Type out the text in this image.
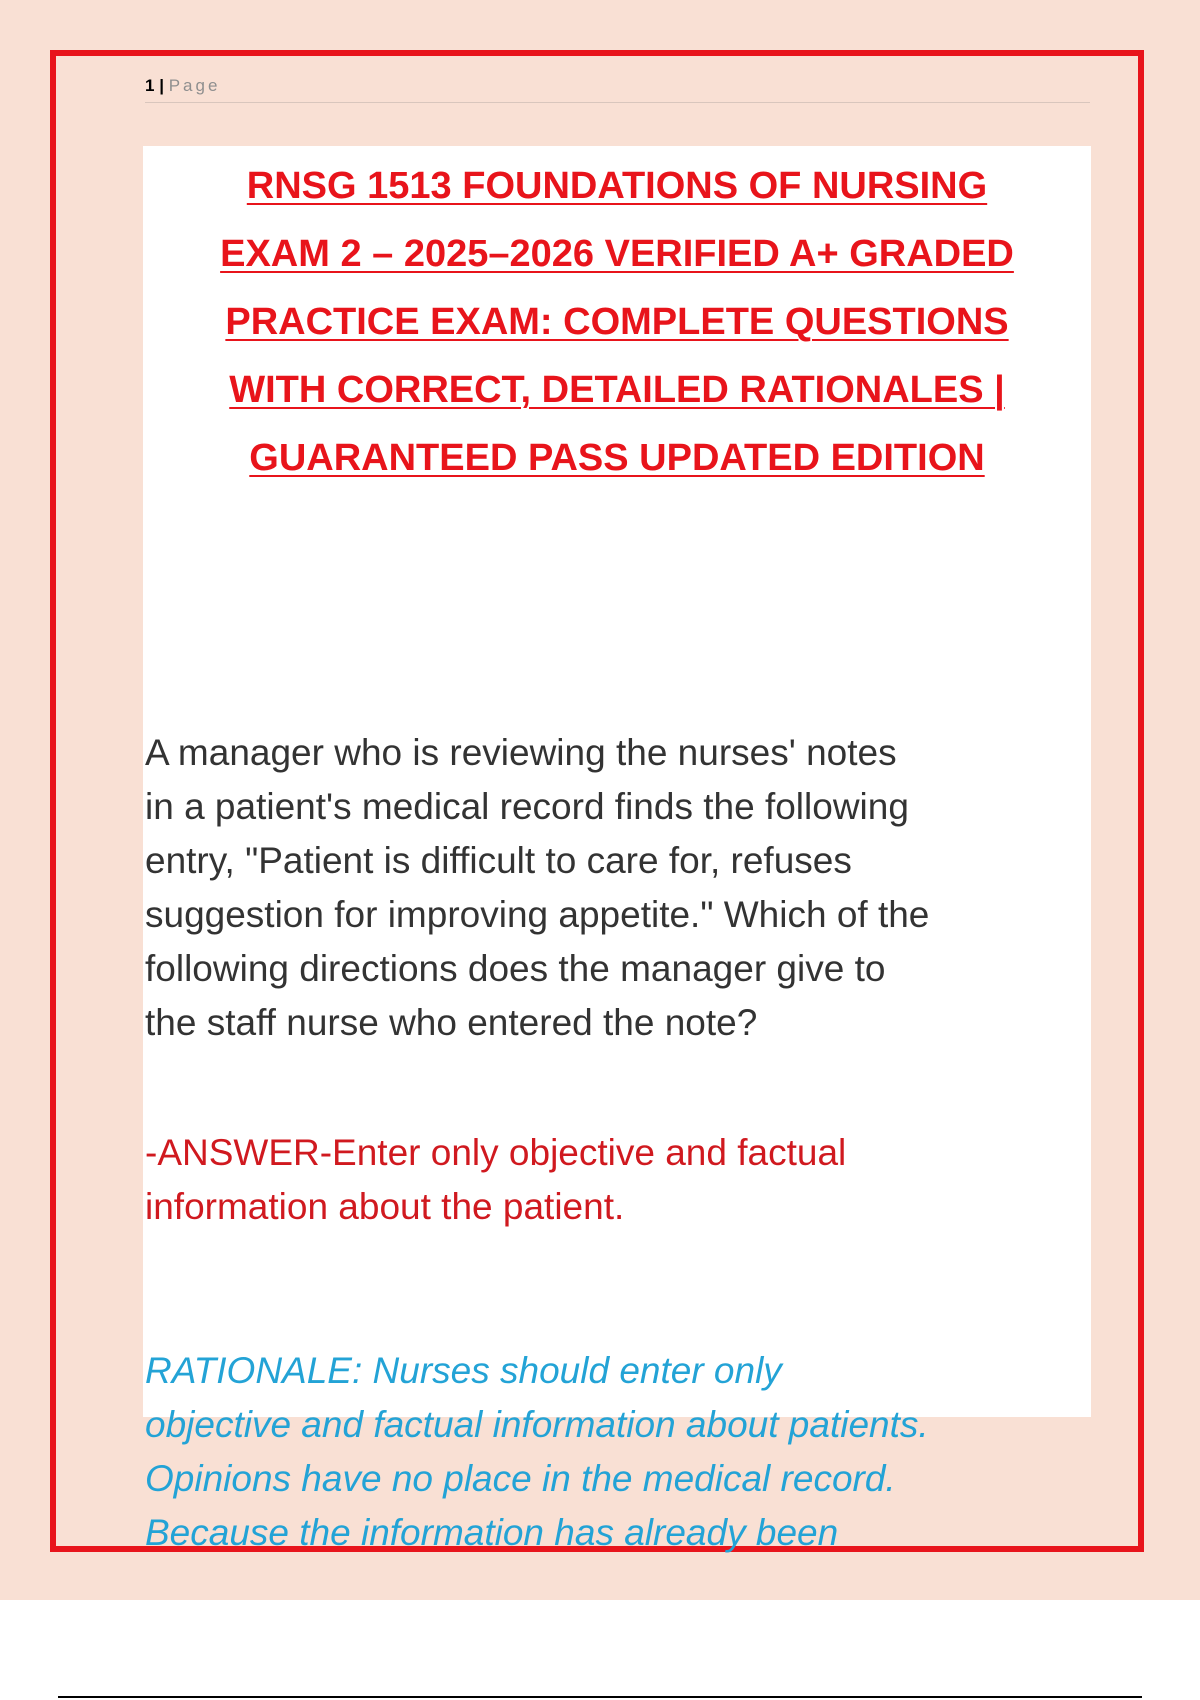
1 | Page
RNSG 1513 FOUNDATIONS OF NURSING
EXAM 2 – 2025–2026 VERIFIED A+ GRADED
PRACTICE EXAM: COMPLETE QUESTIONS
WITH CORRECT, DETAILED RATIONALES |
GUARANTEED PASS UPDATED EDITION

A manager who is reviewing the nurses' notes
in a patient's medical record finds the following
entry, "Patient is difficult to care for, refuses
suggestion for improving appetite." Which of the
following directions does the manager give to
the staff nurse who entered the note?

-ANSWER-Enter only objective and factual
information about the patient.

RATIONALE: Nurses should enter only
objective and factual information about patients.
Opinions have no place in the medical record.
Because the information has already been
